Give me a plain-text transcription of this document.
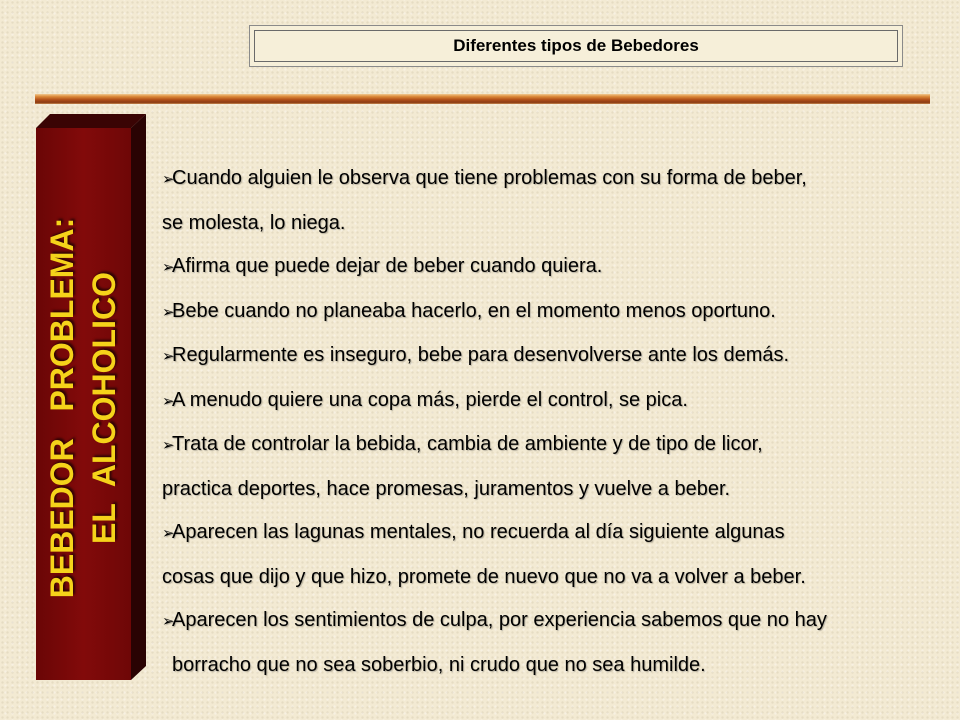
Diferentes tipos de Bebedores
BEBEDOR   PROBLEMA: EL  ALCOHOLICO

➢Cuando alguien le observa que tiene problemas con su forma de beber,

se molesta, lo niega.

➢Afirma que puede dejar de beber cuando quiera.

➢Bebe cuando no planeaba hacerlo, en el momento menos oportuno.

➢Regularmente es inseguro, bebe para desenvolverse ante los demás.

➢A menudo quiere una copa más, pierde el control, se pica.

➢Trata de controlar la bebida, cambia de ambiente y de tipo de licor,

practica deportes, hace promesas, juramentos y vuelve a beber.

➢Aparecen las lagunas mentales, no recuerda al día siguiente algunas

cosas que dijo y que hizo, promete de nuevo que no va a volver a beber.

➢Aparecen los sentimientos de culpa, por experiencia sabemos que no hay

borracho que no sea soberbio, ni crudo que no sea humilde.
